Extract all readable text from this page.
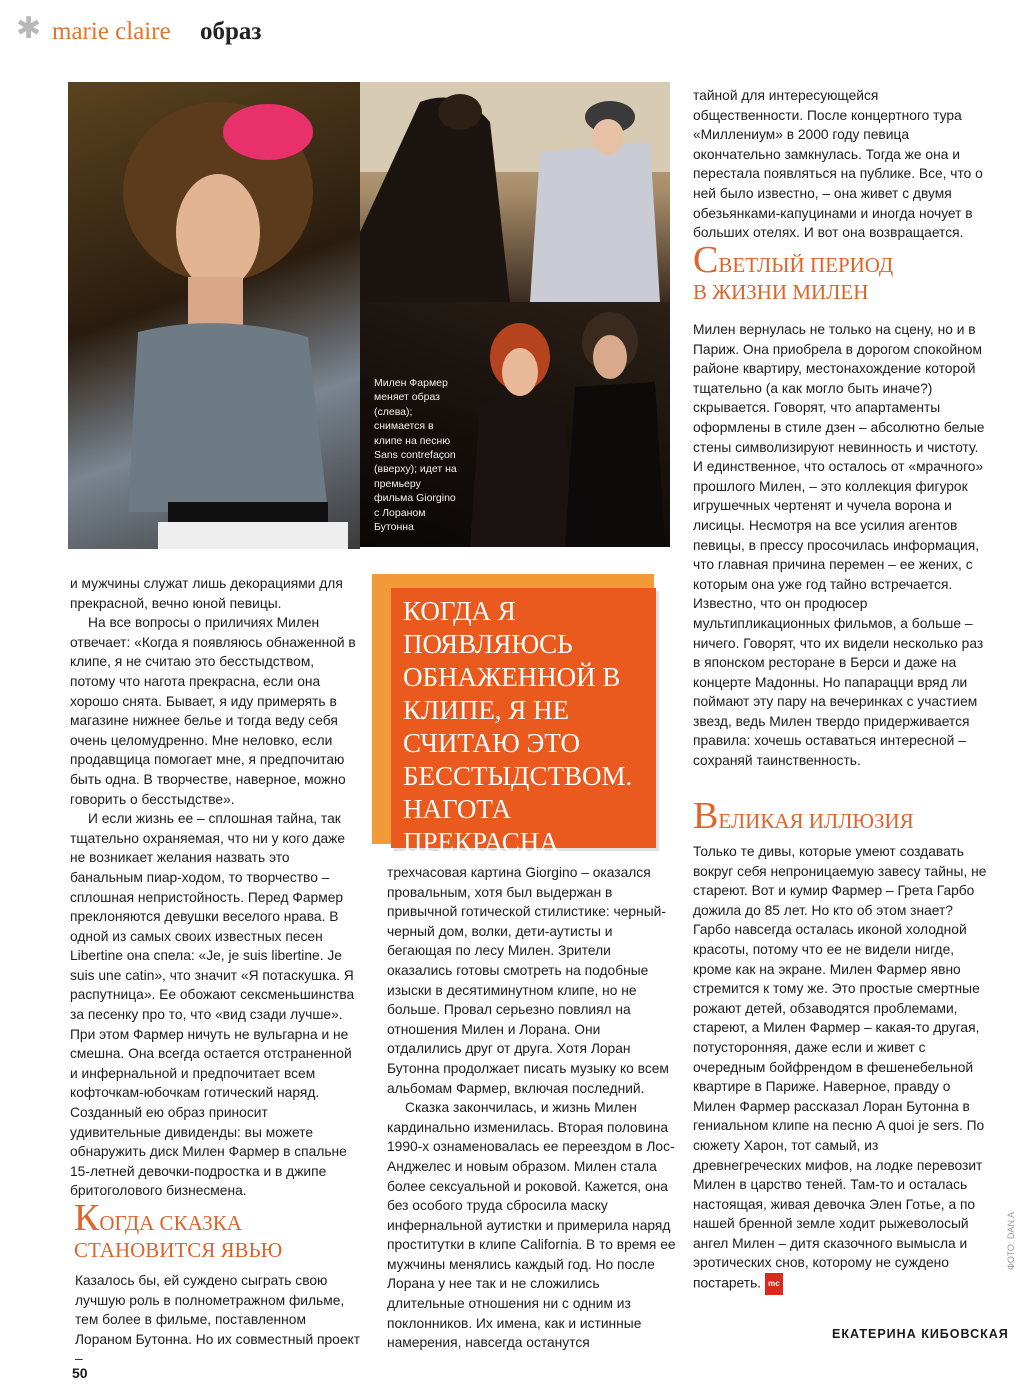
✱ marie claire образ
Милен Фармер меняет образ (слева); снимается в клипе на песню Sans contrefaçon (вверху); идет на премьеру фильма Giorgino с Лораном Бутонна

и мужчины служат лишь декорациями для прекрасной, вечно юной певицы.

На все вопросы о приличиях Милен отвечает: «Когда я появляюсь обнаженной в клипе, я не считаю это бесстыдством, потому что нагота прекрасна, если она хорошо снята. Бывает, я иду примерять в магазине нижнее белье и тогда веду себя очень целомудренно. Мне неловко, если продавщица помогает мне, я предпочитаю быть одна. В творчестве, наверное, можно говорить о бесстыдстве».

И если жизнь ее – сплошная тайна, так тщательно охраняемая, что ни у кого даже не возникает желания назвать это банальным пиар-ходом, то творчество – сплошная непристойность. Перед Фармер преклоняются девушки веселого нрава. В одной из самых своих известных песен Libertine она спела: «Je, je suis libertine. Je suis une catin», что значит «Я потаскушка. Я распутница». Ее обожают сексменьшинства за песенку про то, что «вид сзади лучше». При этом Фармер ничуть не вульгарна и не смешна. Она всегда остается отстраненной и инфернальной и предпочитает всем кофточкам-юбочкам готический наряд. Созданный ею образ приносит удивительные дивиденды: вы можете обнаружить диск Милен Фармер в спальне 15-летней девочки-подростка и в джипе бритоголового бизнесмена.

КОГДА СКАЗКА
СТАНОВИТСЯ ЯВЬЮ

Казалось бы, ей суждено сыграть свою лучшую роль в полнометражном фильме, тем более в фильме, поставленном Лораном Бутонна. Но их совместный проект –

КОГДА Я ПОЯВЛЯЮСЬ ОБНАЖЕННОЙ В КЛИПЕ, Я НЕ СЧИТАЮ ЭТО БЕССТЫДСТВОМ. НАГОТА ПРЕКРАСНА

трехчасовая картина Giorgino – оказался провальным, хотя был выдержан в привычной готической стилистике: черный-черный дом, волки, дети-аутисты и бегающая по лесу Милен. Зрители оказались готовы смотреть на подобные изыски в десятиминутном клипе, но не больше. Провал серьезно повлиял на отношения Милен и Лорана. Они отдалились друг от друга. Хотя Лоран Бутонна продолжает писать музыку ко всем альбомам Фармер, включая последний.

Сказка закончилась, и жизнь Милен кардинально изменилась. Вторая половина 1990-х ознаменовалась ее переездом в Лос-Анджелес и новым образом. Милен стала более сексуальной и роковой. Кажется, она без особого труда сбросила маску инфернальной аутистки и примерила наряд проститутки в клипе California. В то время ее мужчины менялись каждый год. Но после Лорана у нее так и не сложились длительные отношения ни с одним из поклонников. Их имена, как и истинные намерения, навсегда останутся

тайной для интересующейся общественности. После концертного тура «Миллениум» в 2000 году певица окончательно замкнулась. Тогда же она и перестала появляться на публике. Все, что о ней было известно, – она живет с двумя обезьянками-капуцинами и иногда ночует в больших отелях. И вот она возвращается.

СВЕТЛЫЙ ПЕРИОД
В ЖИЗНИ МИЛЕН

Милен вернулась не только на сцену, но и в Париж. Она приобрела в дорогом спокойном районе квартиру, местонахождение которой тщательно (а как могло быть иначе?) скрывается. Говорят, что апартаменты оформлены в стиле дзен – абсолютно белые стены символизируют невинность и чистоту. И единственное, что осталось от «мрачного» прошлого Милен, – это коллекция фигурок игрушечных чертенят и чучела ворона и лисицы. Несмотря на все усилия агентов певицы, в прессу просочилась информация, что главная причина перемен – ее жених, с которым она уже год тайно встречается. Известно, что он продюсер мультипликационных фильмов, а больше – ничего. Говорят, что их видели несколько раз в японском ресторане в Берси и даже на концерте Мадонны. Но папарацци вряд ли поймают эту пару на вечеринках с участием звезд, ведь Милен твердо придерживается правила: хочешь оставаться интересной – сохраняй таинственность.

ВЕЛИКАЯ ИЛЛЮЗИЯ

Только те дивы, которые умеют создавать вокруг себя непроницаемую завесу тайны, не стареют. Вот и кумир Фармер – Грета Гарбо дожила до 85 лет. Но кто об этом знает? Гарбо навсегда осталась иконой холодной красоты, потому что ее не видели нигде, кроме как на экране. Милен Фармер явно стремится к тому же. Это простые смертные рожают детей, обзаводятся проблемами, стареют, а Милен Фармер – какая-то другая, потусторонняя, даже если и живет с очередным бойфрендом в фешенебельной квартире в Париже. Наверное, правду о Милен Фармер рассказал Лоран Бутонна в гениальном клипе на песню A quoi je sers. По сюжету Харон, тот самый, из древнегреческих мифов, на лодке перевозит Милен в царство теней. Там-то и осталась настоящая, живая девочка Элен Готье, а по нашей бренной земле ходит рыжеволосый ангел Милен – дитя сказочного вымысла и эротических снов, которому не суждено постареть. mc

ЕКАТЕРИНА КИБОВСКАЯ
50
ФОТО: DAN A
